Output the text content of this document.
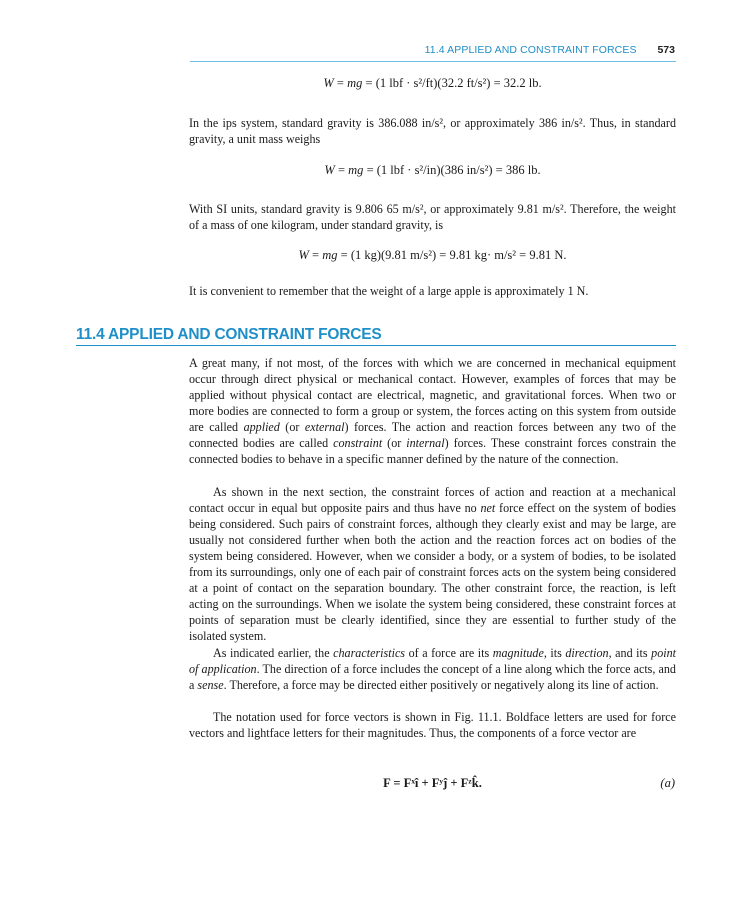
11.4 APPLIED AND CONSTRAINT FORCES 573
W = mg = (1 lbf · s²/ft)(32.2 ft/s²) = 32.2 lb.

In the ips system, standard gravity is 386.088 in/s², or approximately 386 in/s². Thus, in standard gravity, a unit mass weighs

W = mg = (1 lbf · s²/in)(386 in/s²) = 386 lb.

With SI units, standard gravity is 9.806 65 m/s², or approximately 9.81 m/s². Therefore, the weight of a mass of one kilogram, under standard gravity, is

W = mg = (1 kg)(9.81 m/s²) = 9.81 kg· m/s² = 9.81 N.

It is convenient to remember that the weight of a large apple is approximately 1 N.

11.4 APPLIED AND CONSTRAINT FORCES

A great many, if not most, of the forces with which we are concerned in mechanical equipment occur through direct physical or mechanical contact. However, examples of forces that may be applied without physical contact are electrical, magnetic, and gravitational forces. When two or more bodies are connected to form a group or system, the forces acting on this system from outside are called applied (or external) forces. The action and reaction forces between any two of the connected bodies are called constraint (or internal) forces. These constraint forces constrain the connected bodies to behave in a specific manner defined by the nature of the connection.

As shown in the next section, the constraint forces of action and reaction at a mechanical contact occur in equal but opposite pairs and thus have no net force effect on the system of bodies being considered. Such pairs of constraint forces, although they clearly exist and may be large, are usually not considered further when both the action and the reaction forces act on bodies of the system being considered. However, when we consider a body, or a system of bodies, to be isolated from its surroundings, only one of each pair of constraint forces acts on the system being considered at a point of contact on the separation boundary. The other constraint force, the reaction, is left acting on the surroundings. When we isolate the system being considered, these constraint forces at points of separation must be clearly identified, since they are essential to further study of the isolated system.

As indicated earlier, the characteristics of a force are its magnitude, its direction, and its point of application. The direction of a force includes the concept of a line along which the force acts, and a sense. Therefore, a force may be directed either positively or negatively along its line of action.

The notation used for force vectors is shown in Fig. 11.1. Boldface letters are used for force vectors and lightface letters for their magnitudes. Thus, the components of a force vector are

F = Fˣî + Fʸĵ + Fᶻk̂.	(a)
